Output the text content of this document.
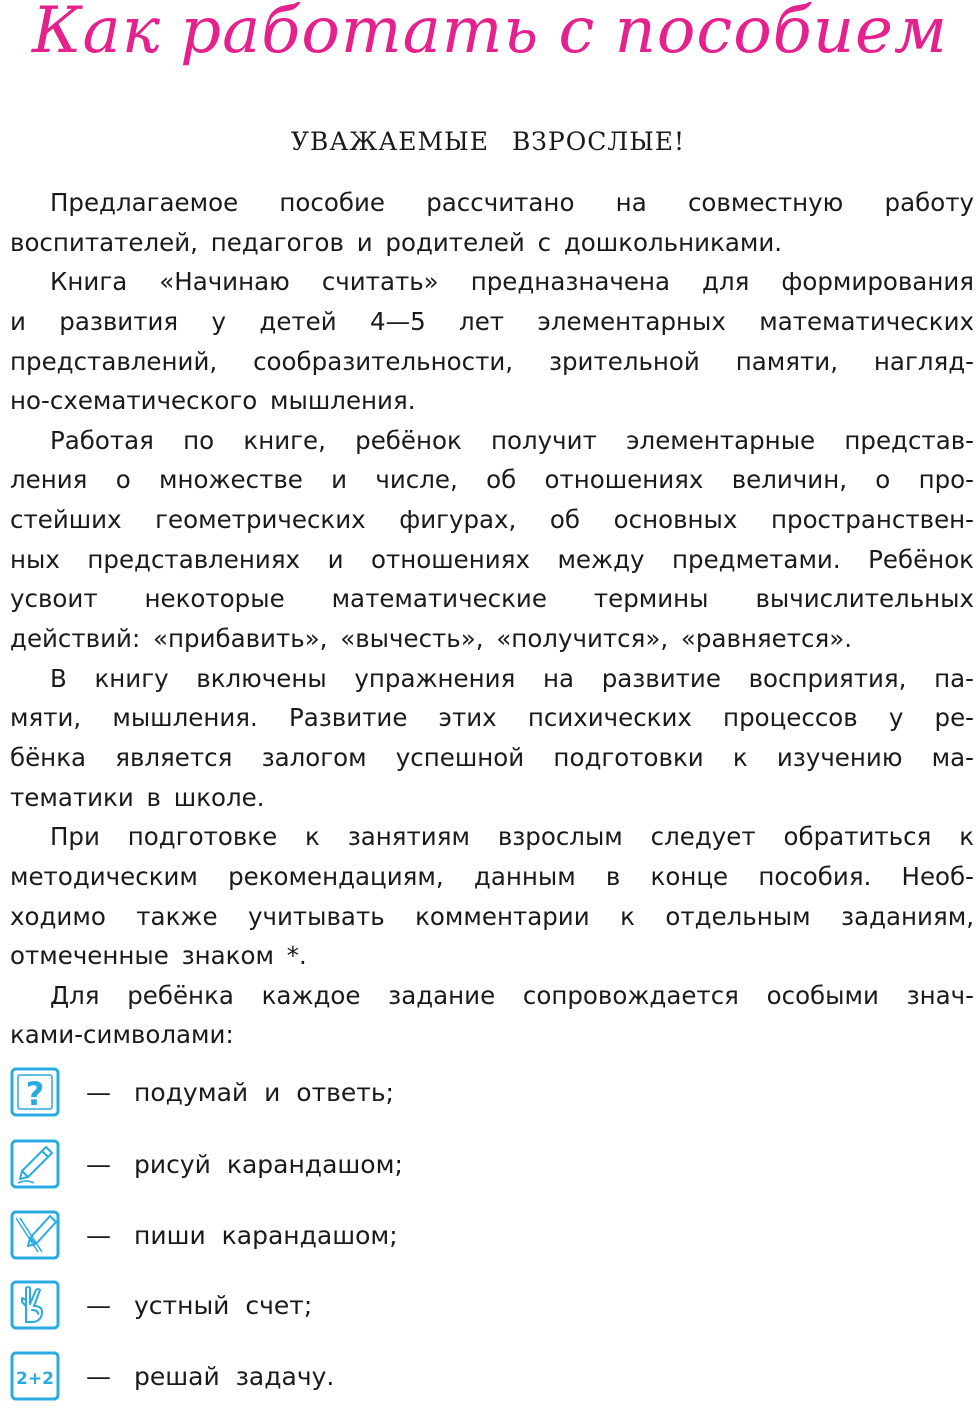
Как работать с пособием
УВАЖАЕМЫЕ ВЗРОСЛЫЕ!
Предлагаемое пособие рассчитано на совместную работу
воспитателей, педагогов и родителей с дошкольниками.
Книга «Начинаю считать» предназначена для формирования
и развития у детей 4—5 лет элементарных математических
представлений, сообразительности, зрительной памяти, нагляд-
но-схематического мышления.
Работая по книге, ребёнок получит элементарные представ-
ления о множестве и числе, об отношениях величин, о про-
стейших геометрических фигурах, об основных пространствен-
ных представлениях и отношениях между предметами. Ребёнок
усвоит некоторые математические термины вычислительных
действий: «прибавить», «вычесть», «получится», «равняется».
В книгу включены упражнения на развитие восприятия, па-
мяти, мышления. Развитие этих психических процессов у ре-
бёнка является залогом успешной подготовки к изучению ма-
тематики в школе.
При подготовке к занятиям взрослым следует обратиться к
методическим рекомендациям, данным в конце пособия. Необ-
ходимо также учитывать комментарии к отдельным заданиям,
отмеченные знаком *.
Для ребёнка каждое задание сопровождается особыми знач-
ками-символами:
? — подумай и ответь;
— рисуй карандашом;
— пиши карандашом;
— устный счет;
2+2 — решай задачу.
